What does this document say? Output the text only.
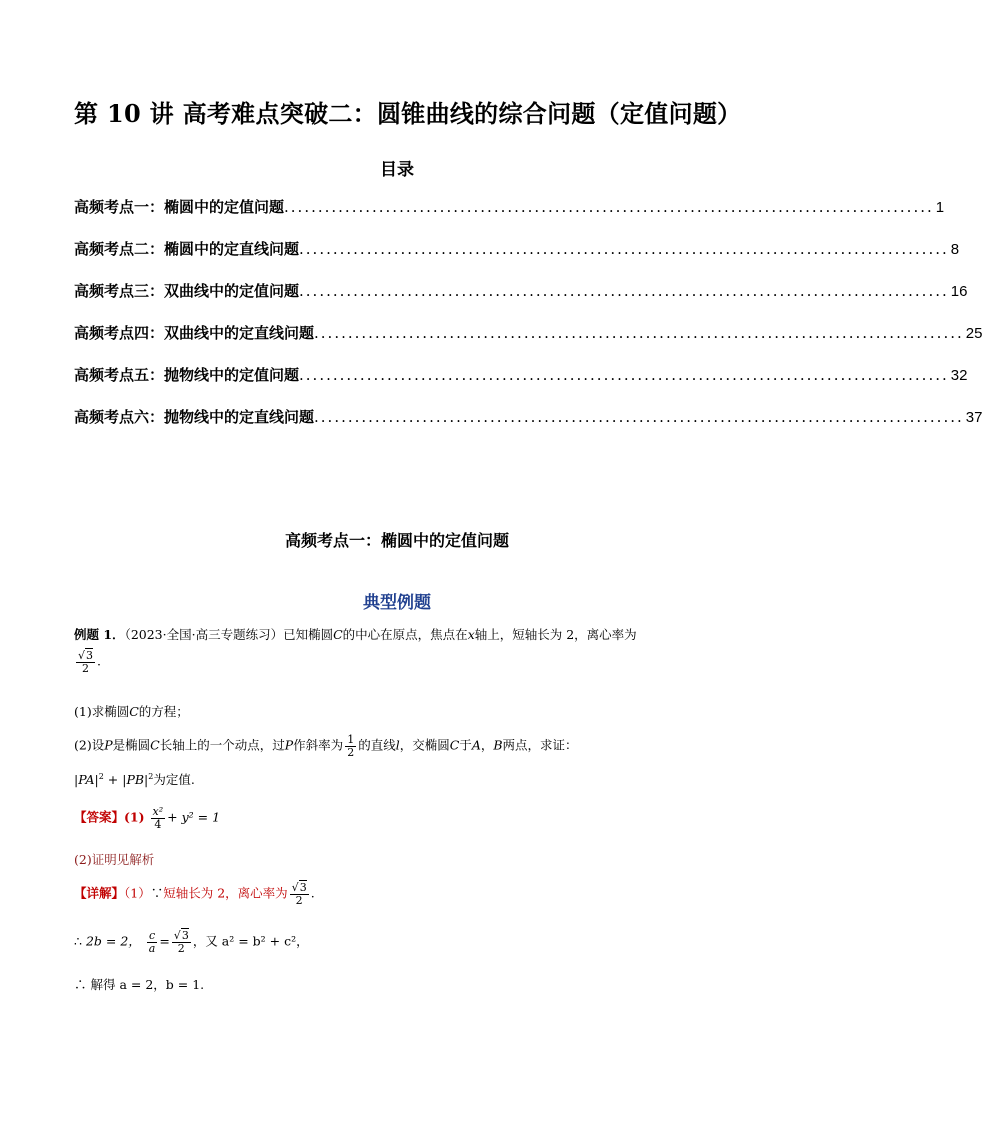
第 10 讲 高考难点突破二：圆锥曲线的综合问题（定值问题）
目录
高频考点一：椭圆中的定值问题 ................................................................................................ 1
高频考点二：椭圆中的定直线问题 ................................................................................................ 8
高频考点三：双曲线中的定值问题 ................................................................................................ 16
高频考点四：双曲线中的定直线问题 ................................................................................................ 25
高频考点五：抛物线中的定值问题 ................................................................................................ 32
高频考点六：抛物线中的定直线问题 ................................................................................................ 37
高频考点一：椭圆中的定值问题
典型例题
例题 1．（2023·全国·高三专题练习）已知椭圆C的中心在原点，焦点在x轴上，短轴长为 2，离心率为
$\frac{√3}{2}$ .
(1)求椭圆C的方程；
(2)设P是椭圆C长轴上的一个动点，过P作斜率为 $\frac{1}{2}$ 的直线l，交椭圆C于A，B两点，求证：
$|PA|^2 + |PB|^2$为定值.
【答案】$(1) \frac{\text{x²}}{4} + y^2 = 1$
(2)证明见解析
【详解】（1）∵短轴长为 2，离心率为 $\frac{√3}{2}$ .
∴ 2b = 2， $\frac{c}{a} = \frac{√3}{2}$ ，又 a² = b² + c²，
∴ 解得 a = 2，b = 1.
